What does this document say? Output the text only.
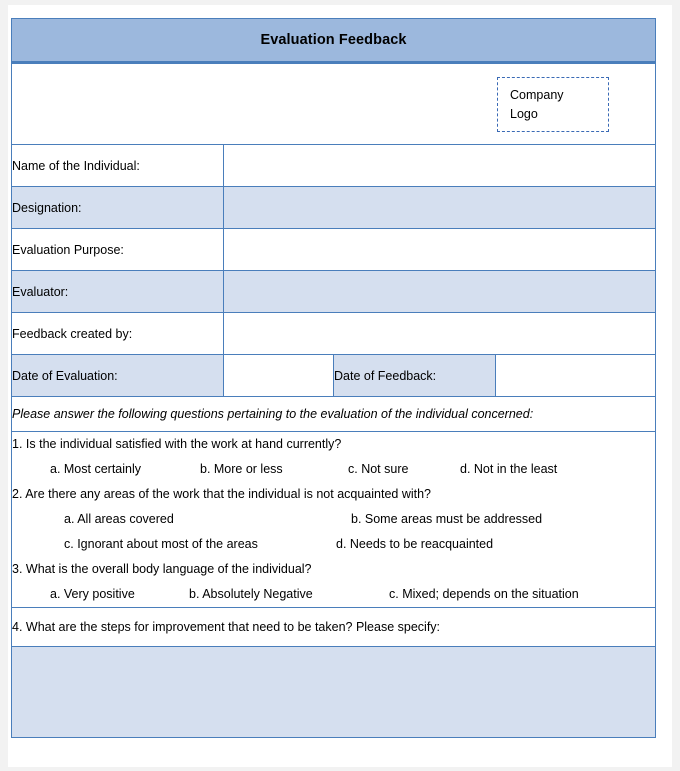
Evaluation Feedback			

Company
Logo			

Name of the Individual:			
Designation:			
Evaluation Purpose:			
Evaluator:			
Feedback created by:			
Date of Evaluation:		Date of Feedback:	
Please answer the following questions pertaining to the evaluation of the individual concerned:			

1. Is the individual satisfied with the work at hand currently?
a. Most certainly	b. More or less	c. Not sure	d. Not in the least
2. Are there any areas of the work that the individual is not acquainted with?
a. All areas covered	b. Some areas must be addressed
c. Ignorant about most of the areas	d. Needs to be reacquainted
3. What is the overall body language of the individual?
a. Very positive	b. Absolutely Negative	c. Mixed; depends on the situation

4. What are the steps for improvement that need to be taken? Please specify:			
